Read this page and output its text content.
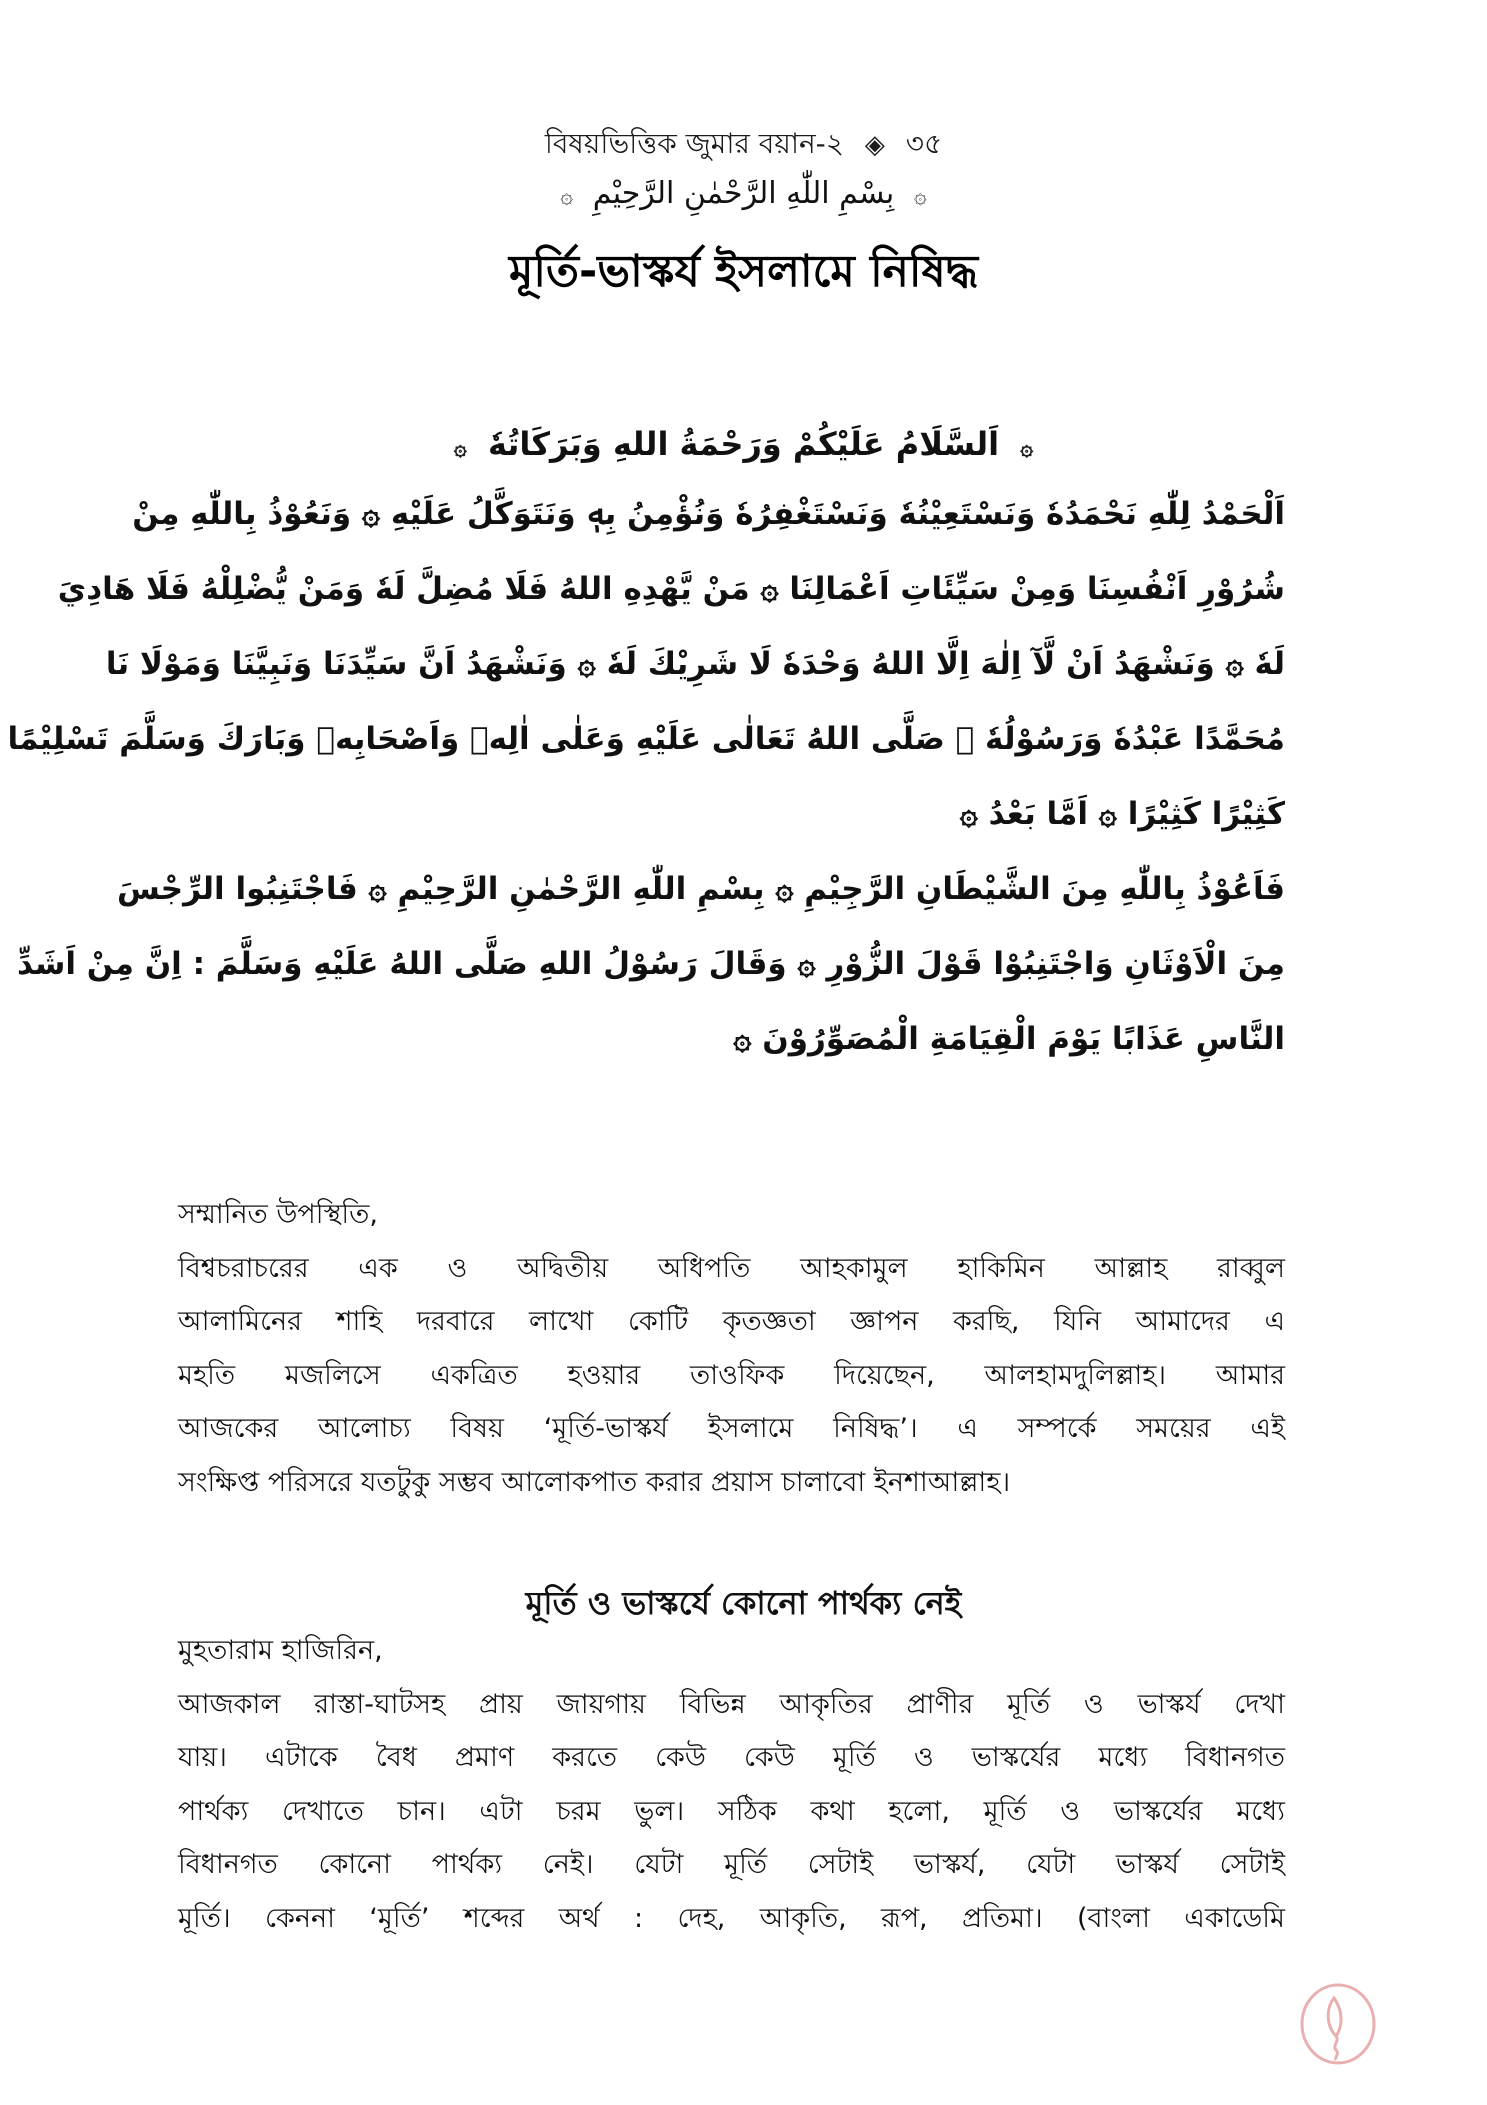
বিষয়ভিত্তিক জুমার বয়ান-২ ◈ ৩৫
۞ بِسْمِ اللّٰهِ الرَّحْمٰنِ الرَّحِيْمِ ۞
মূর্তি-ভাস্কর্য ইসলামে নিষিদ্ধ
۞ اَلسَّلَامُ عَلَيْكُمْ وَرَحْمَةُ اللهِ وَبَرَكَاتُهٗ ۞
اَلْحَمْدُ لِلّٰهِ نَحْمَدُهٗ وَنَسْتَعِيْنُهٗ وَنَسْتَغْفِرُهٗ وَنُؤْمِنُ بِهٖ وَنَتَوَكَّلُ عَلَيْهِ ۞ وَنَعُوْذُ بِاللّٰهِ مِنْ
شُرُوْرِ اَنْفُسِنَا وَمِنْ سَيِّئَاتِ اَعْمَالِنَا ۞ مَنْ يَّهْدِهِ اللهُ فَلَا مُضِلَّ لَهٗ وَمَنْ يُّضْلِلْهُ فَلَا هَادِيَ
لَهٗ ۞ وَنَشْهَدُ اَنْ لَّآ اِلٰهَ اِلَّا اللهُ وَحْدَهٗ لَا شَرِيْكَ لَهٗ ۞ وَنَشْهَدُ اَنَّ سَيِّدَنَا وَنَبِيَّنَا وَمَوْلَا نَا
مُحَمَّدًا عَبْدُهٗ وَرَسُوْلُهٗ ۞ صَلَّى اللهُ تَعَالٰى عَلَيْهِ وَعَلٰى اٰلِهٖ وَاَصْحَابِهٖ وَبَارَكَ وَسَلَّمَ تَسْلِيْمًا
كَثِيْرًا كَثِيْرًا ۞ اَمَّا بَعْدُ ۞
فَاَعُوْذُ بِاللّٰهِ مِنَ الشَّيْطَانِ الرَّجِيْمِ ۞ بِسْمِ اللّٰهِ الرَّحْمٰنِ الرَّحِيْمِ ۞ فَاجْتَنِبُوا الرِّجْسَ
مِنَ الْاَوْثَانِ وَاجْتَنِبُوْا قَوْلَ الزُّوْرِ ۞ وَقَالَ رَسُوْلُ اللهِ صَلَّى اللهُ عَلَيْهِ وَسَلَّمَ : اِنَّ مِنْ اَشَدِّ
النَّاسِ عَذَابًا يَوْمَ الْقِيَامَةِ الْمُصَوِّرُوْنَ ۞
সম্মানিত উপস্থিতি,
বিশ্বচরাচরের এক ও অদ্বিতীয় অধিপতি আহকামুল হাকিমিন আল্লাহ রাব্বুল
আলামিনের শাহি দরবারে লাখো কোটি কৃতজ্ঞতা জ্ঞাপন করছি, যিনি আমাদের এ
মহতি মজলিসে একত্রিত হওয়ার তাওফিক দিয়েছেন, আলহামদুলিল্লাহ। আমার
আজকের আলোচ্য বিষয় ‘মূর্তি-ভাস্কর্য ইসলামে নিষিদ্ধ’। এ সম্পর্কে সময়ের এই
সংক্ষিপ্ত পরিসরে যতটুকু সম্ভব আলোকপাত করার প্রয়াস চালাবো ইনশাআল্লাহ।
মূর্তি ও ভাস্কর্যে কোনো পার্থক্য নেই
মুহতারাম হাজিরিন,
আজকাল রাস্তা-ঘাটসহ প্রায় জায়গায় বিভিন্ন আকৃতির প্রাণীর মূর্তি ও ভাস্কর্য দেখা
যায়। এটাকে বৈধ প্রমাণ করতে কেউ কেউ মূর্তি ও ভাস্কর্যের মধ্যে বিধানগত
পার্থক্য দেখাতে চান। এটা চরম ভুল। সঠিক কথা হলো, মূর্তি ও ভাস্কর্যের মধ্যে
বিধানগত কোনো পার্থক্য নেই। যেটা মূর্তি সেটাই ভাস্কর্য, যেটা ভাস্কর্য সেটাই
মূর্তি। কেননা ‘মূর্তি’ শব্দের অর্থ : দেহ, আকৃতি, রূপ, প্রতিমা। (বাংলা একাডেমি
